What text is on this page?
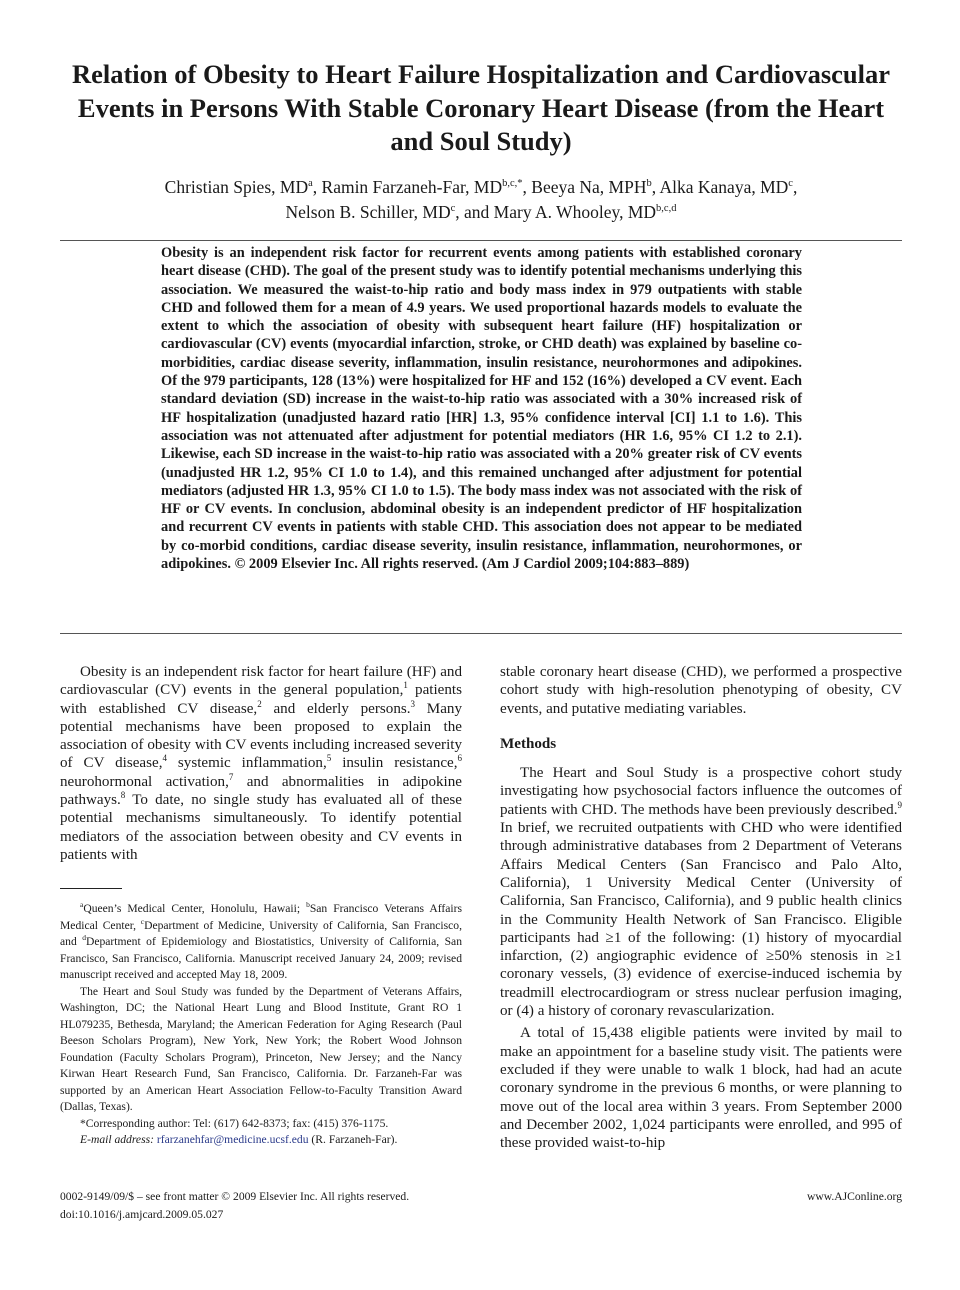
Relation of Obesity to Heart Failure Hospitalization and Cardiovascular Events in Persons With Stable Coronary Heart Disease (from the Heart and Soul Study)
Christian Spies, $MD^a$, Ramin Farzaneh-Far, $MD^{b,c,*}$, Beeya Na, MPH$^b$, Alka Kanaya, $MD^c$,
Nelson B. Schiller, $MD^c$, and Mary A. Whooley, MD$^{b,c,d}$

Obesity is an independent risk factor for recurrent events among patients with established coronary heart disease (CHD). The goal of the present study was to identify potential mechanisms underlying this association. We measured the waist-to-hip ratio and body mass index in 979 outpatients with stable CHD and followed them for a mean of 4.9 years. We used proportional hazards models to evaluate the extent to which the association of obesity with subsequent heart failure (HF) hospitalization or cardiovascular (CV) events (myocardial infarction, stroke, or CHD death) was explained by baseline co-morbidities, cardiac disease severity, inflammation, insulin resistance, neurohormones and adipokines. Of the 979 participants, 128 (13%) were hospitalized for HF and 152 (16%) developed a CV event. Each standard deviation (SD) increase in the waist-to-hip ratio was associated with a 30% increased risk of HF hospitalization (unadjusted hazard ratio [HR] 1.3, 95% confidence interval [CI] 1.1 to 1.6). This association was not attenuated after adjustment for potential mediators (HR 1.6, 95% CI 1.2 to 2.1). Likewise, each SD increase in the waist-to-hip ratio was associated with a 20% greater risk of CV events (unadjusted HR 1.2, 95% CI 1.0 to 1.4), and this remained unchanged after adjustment for potential mediators (adjusted HR 1.3, 95% CI 1.0 to 1.5). The body mass index was not associated with the risk of HF or CV events. In conclusion, abdominal obesity is an independent predictor of HF hospitalization and recurrent CV events in patients with stable CHD. This association does not appear to be mediated by co-morbid conditions, cardiac disease severity, insulin resistance, inflammation, neurohormones, or adipokines. © 2009 Elsevier Inc. All rights reserved. (Am J Cardiol 2009;104:883–889)

Obesity is an independent risk factor for heart failure (HF) and cardiovascular (CV) events in the general population,$^1$ patients with established CV disease,$^2$ and elderly persons.$^3$ Many potential mechanisms have been proposed to explain the association of obesity with CV events including increased severity of CV disease,$^4$ systemic inflammation,$^5$ insulin resistance,$^6$ neurohormonal activation,$^7$ and abnormalities in adipokine pathways.$^8$ To date, no single study has evaluated all of these potential mechanisms simultaneously. To identify potential mediators of the association between obesity and CV events in patients with

$^a$Queen’s Medical Center, Honolulu, Hawaii; $^b$San Francisco Veterans Affairs Medical Center, $^c$Department of Medicine, University of California, San Francisco, and $^d$Department of Epidemiology and Biostatistics, University of California, San Francisco, San Francisco, California. Manuscript received January 24, 2009; revised manuscript received and accepted May 18, 2009.

The Heart and Soul Study was funded by the Department of Veterans Affairs, Washington, DC; the National Heart Lung and Blood Institute, Grant RO 1 HL079235, Bethesda, Maryland; the American Federation for Aging Research (Paul Beeson Scholars Program), New York, New York; the Robert Wood Johnson Foundation (Faculty Scholars Program), Princeton, New Jersey; and the Nancy Kirwan Heart Research Fund, San Francisco, California. Dr. Farzaneh-Far was supported by an American Heart Association Fellow-to-Faculty Transition Award (Dallas, Texas).

*Corresponding author: Tel: (617) 642-8373; fax: (415) 376-1175.

E-mail address: rfarzanehfar@medicine.ucsf.edu (R. Farzaneh-Far).

stable coronary heart disease (CHD), we performed a prospective cohort study with high-resolution phenotyping of obesity, CV events, and putative mediating variables.

Methods

The Heart and Soul Study is a prospective cohort study investigating how psychosocial factors influence the outcomes of patients with CHD. The methods have been previously described.$^9$ In brief, we recruited outpatients with CHD who were identified through administrative databases from 2 Department of Veterans Affairs Medical Centers (San Francisco and Palo Alto, California), 1 University Medical Center (University of California, San Francisco, California), and 9 public health clinics in the Community Health Network of San Francisco. Eligible participants had ≥1 of the following: (1) history of myocardial infarction, (2) angiographic evidence of ≥50% stenosis in ≥1 coronary vessels, (3) evidence of exercise-induced ischemia by treadmill electrocardiogram or stress nuclear perfusion imaging, or (4) a history of coronary revascularization.

A total of 15,438 eligible patients were invited by mail to make an appointment for a baseline study visit. The patients were excluded if they were unable to walk 1 block, had had an acute coronary syndrome in the previous 6 months, or were planning to move out of the local area within 3 years. From September 2000 and December 2002, 1,024 participants were enrolled, and 995 of these provided waist-to-hip

0002-9149/09/$ – see front matter © 2009 Elsevier Inc. All rights reserved.
doi:10.1016/j.amjcard.2009.05.027
www.AJConline.org
